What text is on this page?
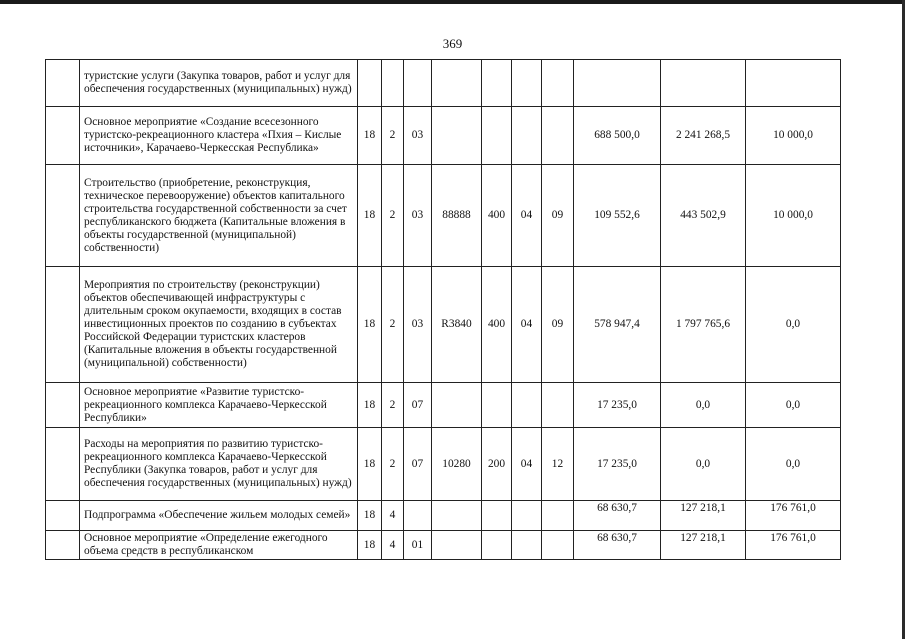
369
	туристские услуги (Закупка товаров, работ и услуг для обеспечения государственных (муниципальных) нужд)										
	Основное мероприятие «Создание всесезонного туристско-рекреационного кластера «Пхия – Кислые источники», Карачаево-Черкесская Республика»	18	2	03					688 500,0	2 241 268,5	10 000,0
	Строительство (приобретение, реконструкция, техническое перевооружение) объектов капитального строительства государственной собственности за счет республиканского бюджета (Капитальные вложения в объекты государственной (муниципальной) собственности)	18	2	03	88888	400	04	09	109 552,6	443 502,9	10 000,0
	Мероприятия по строительству (реконструкции) объектов обеспечивающей инфраструктуры с длительным сроком окупаемости, входящих в состав инвестиционных проектов по созданию в субъектах Российской Федерации туристских кластеров (Капитальные вложения в объекты государственной (муниципальной) собственности)	18	2	03	R3840	400	04	09	578 947,4	1 797 765,6	0,0
	Основное мероприятие «Развитие туристско-рекреационного комплекса Карачаево-Черкесской Республики»	18	2	07					17 235,0	0,0	0,0
	Расходы на мероприятия по развитию туристско-рекреационного комплекса Карачаево-Черкесской Республики (Закупка товаров, работ и услуг для обеспечения государственных (муниципальных) нужд)	18	2	07	10280	200	04	12	17 235,0	0,0	0,0
	Подпрограмма «Обеспечение жильем молодых семей»	18	4						68 630,7	127 218,1	176 761,0
	Основное мероприятие «Определение ежегодного объема средств в республиканском	18	4	01					68 630,7	127 218,1	176 761,0
